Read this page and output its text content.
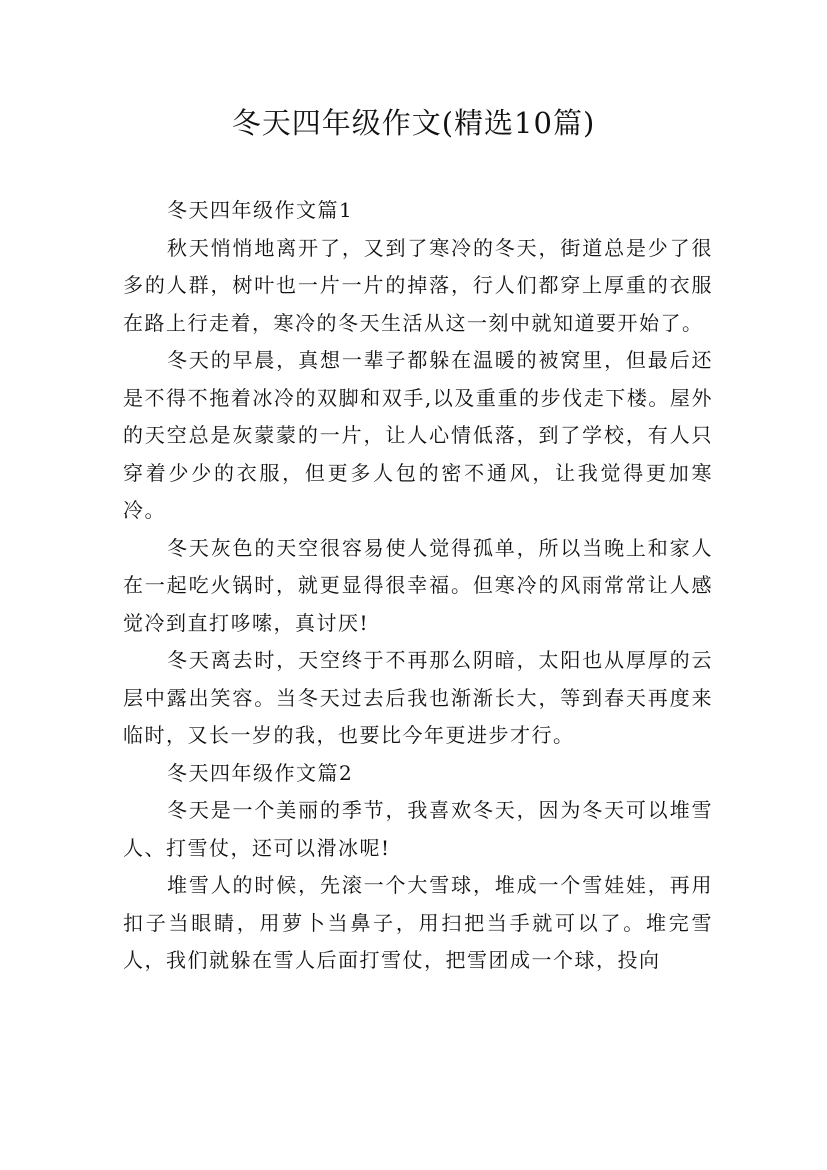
冬天四年级作文(精选10篇)

冬天四年级作文篇1

秋天悄悄地离开了，又到了寒冷的冬天，街道总是少了很多的人群，树叶也一片一片的掉落，行人们都穿上厚重的衣服在路上行走着，寒冷的冬天生活从这一刻中就知道要开始了。

冬天的早晨，真想一辈子都躲在温暖的被窝里，但最后还是不得不拖着冰冷的双脚和双手,以及重重的步伐走下楼。屋外的天空总是灰蒙蒙的一片，让人心情低落，到了学校，有人只穿着少少的衣服，但更多人包的密不通风，让我觉得更加寒冷。

冬天灰色的天空很容易使人觉得孤单，所以当晚上和家人在一起吃火锅时，就更显得很幸福。但寒冷的风雨常常让人感觉冷到直打哆嗦，真讨厌!

冬天离去时，天空终于不再那么阴暗，太阳也从厚厚的云层中露出笑容。当冬天过去后我也渐渐长大，等到春天再度来临时，又长一岁的我，也要比今年更进步才行。

冬天四年级作文篇2

冬天是一个美丽的季节，我喜欢冬天，因为冬天可以堆雪人、打雪仗，还可以滑冰呢!

堆雪人的时候，先滚一个大雪球，堆成一个雪娃娃，再用扣子当眼睛，用萝卜当鼻子，用扫把当手就可以了。堆完雪人，我们就躲在雪人后面打雪仗，把雪团成一个球，投向
